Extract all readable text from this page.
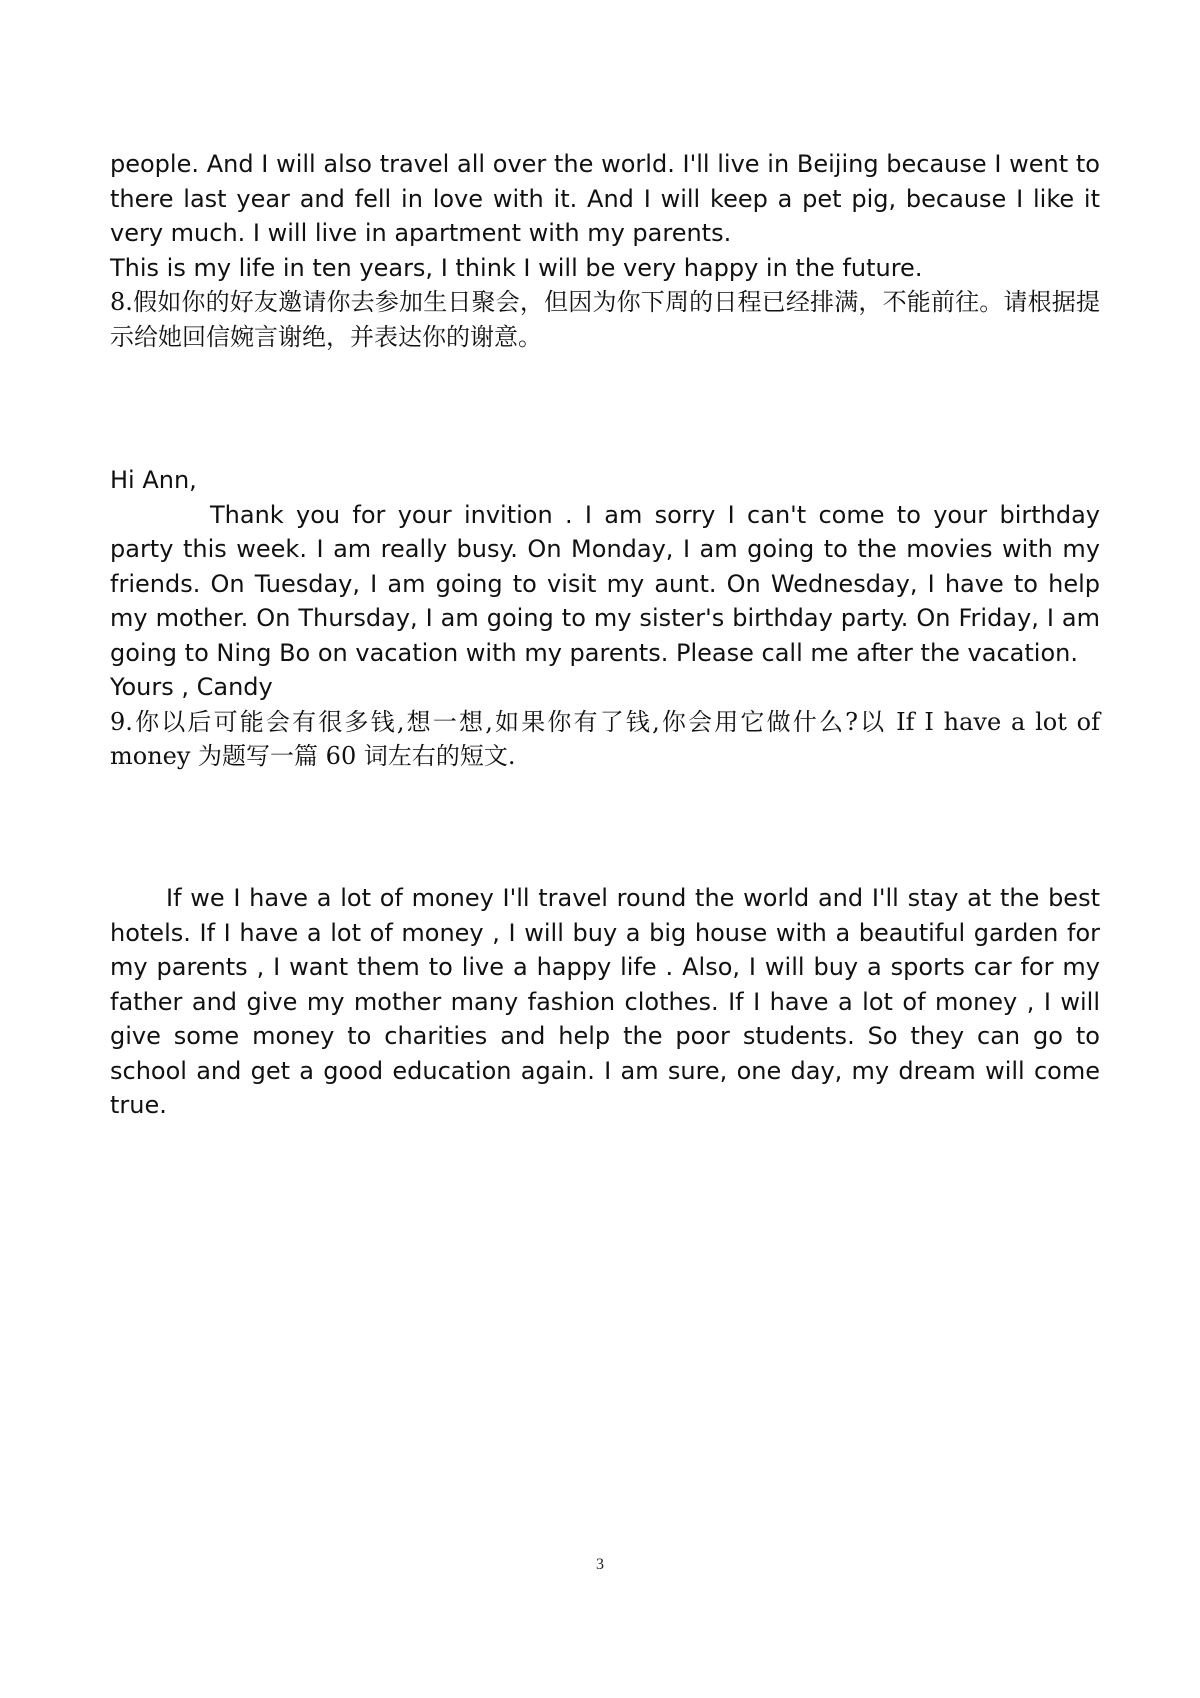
people. And I will also travel all over the world. I'll live in Beijing because I went to there last year and fell in love with it. And I will keep a pet pig, because I like it very much. I will live in apartment with my parents.

This is my life in ten years, I think I will be very happy in the future.

8.假如你的好友邀请你去参加生日聚会，但因为你下周的日程已经排满，不能前往。请根据提示给她回信婉言谢绝，并表达你的谢意。

Hi Ann,

Thank you for your invition . I am sorry I can't come to your birthday party this week. I am really busy. On Monday, I am going to the movies with my friends. On Tuesday, I am going to visit my aunt. On Wednesday, I have to help my mother. On Thursday, I am going to my sister's birthday party. On Friday, I am going to Ning Bo on vacation with my parents. Please call me after the vacation.

Yours , Candy

9.你以后可能会有很多钱,想一想,如果你有了钱,你会用它做什么?以 If I have a lot of money 为题写一篇 60 词左右的短文.

If we I have a lot of money I'll travel round the world and I'll stay at the best hotels. If I have a lot of money , I will buy a big house with a beautiful garden for my parents , I want them to live a happy life . Also, I will buy a sports car for my father and give my mother many fashion clothes. If I have a lot of money , I will give some money to charities and help the poor students. So they can go to school and get a good education again. I am sure, one day, my dream will come true.

3
